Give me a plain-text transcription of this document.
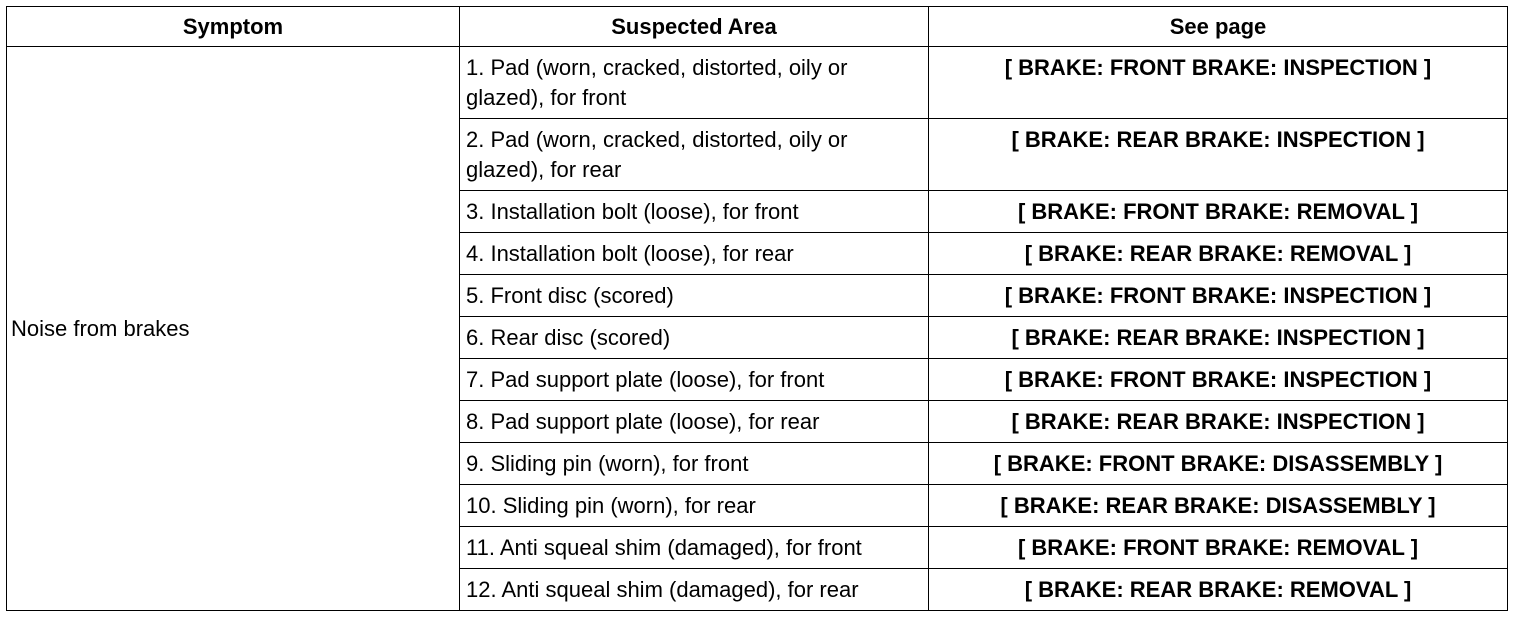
Symptom	Suspected Area	See page
Noise from brakes	1. Pad (worn, cracked, distorted, oily or glazed), for front	[ BRAKE: FRONT BRAKE: INSPECTION ]
	2. Pad (worn, cracked, distorted, oily or glazed), for rear	[ BRAKE: REAR BRAKE: INSPECTION ]
	3. Installation bolt (loose), for front	[ BRAKE: FRONT BRAKE: REMOVAL ]
	4. Installation bolt (loose), for rear	[ BRAKE: REAR BRAKE: REMOVAL ]
	5. Front disc (scored)	[ BRAKE: FRONT BRAKE: INSPECTION ]
	6. Rear disc (scored)	[ BRAKE: REAR BRAKE: INSPECTION ]
	7. Pad support plate (loose), for front	[ BRAKE: FRONT BRAKE: INSPECTION ]
	8. Pad support plate (loose), for rear	[ BRAKE: REAR BRAKE: INSPECTION ]
	9. Sliding pin (worn), for front	[ BRAKE: FRONT BRAKE: DISASSEMBLY ]
	10. Sliding pin (worn), for rear	[ BRAKE: REAR BRAKE: DISASSEMBLY ]
	11. Anti squeal shim (damaged), for front	[ BRAKE: FRONT BRAKE: REMOVAL ]
	12. Anti squeal shim (damaged), for rear	[ BRAKE: REAR BRAKE: REMOVAL ]
